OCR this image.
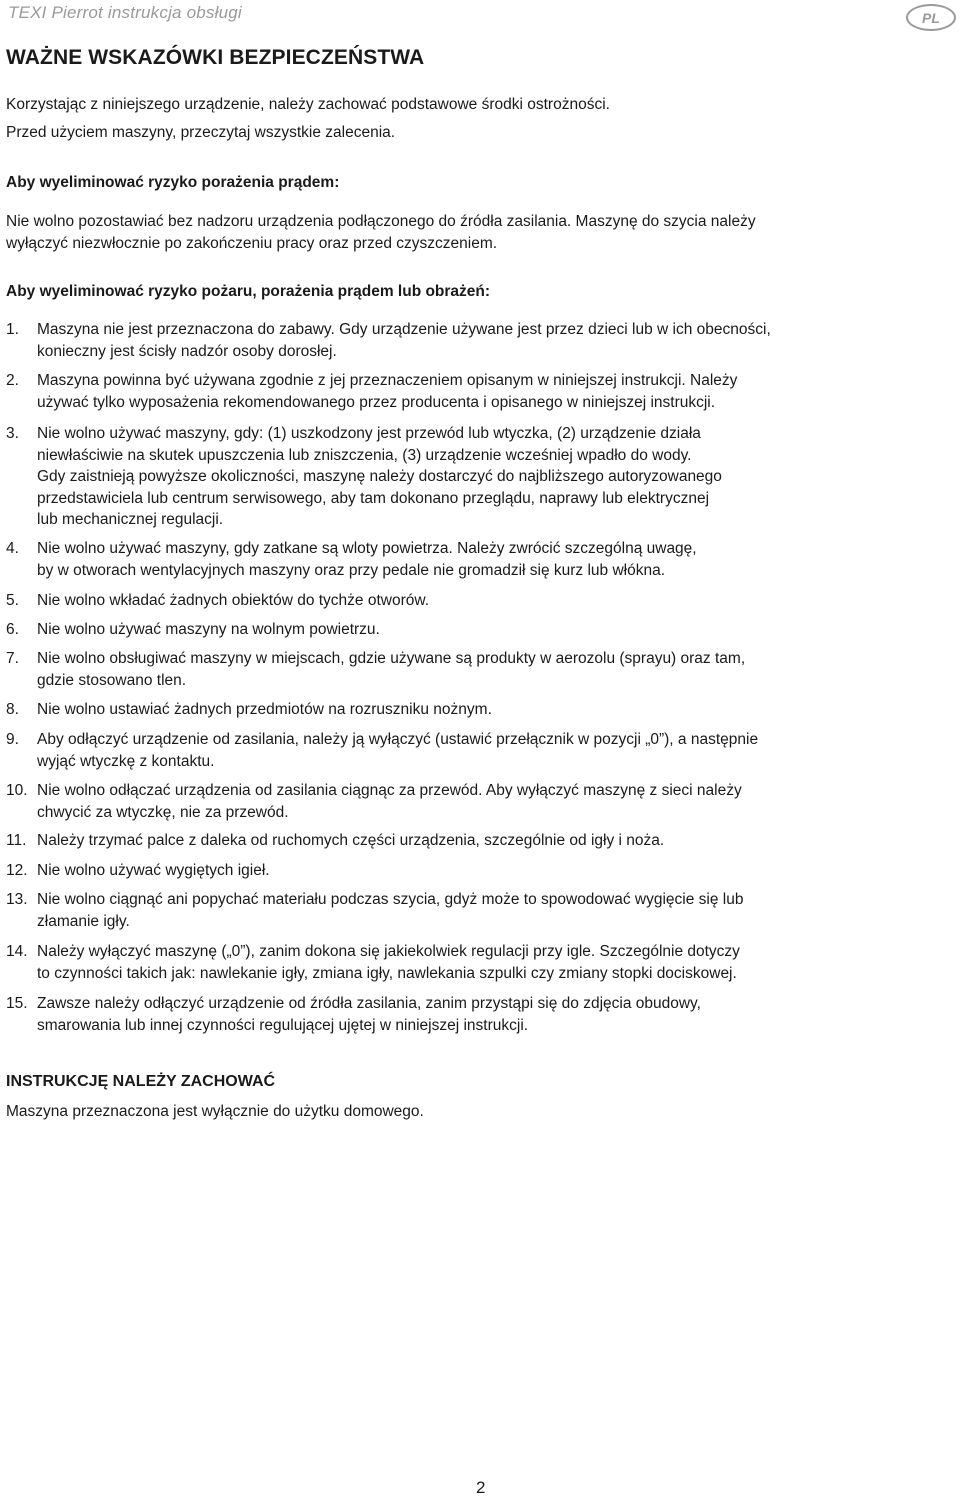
TEXI Pierrot instrukcja obsługi	PL
WAŻNE WSKAZÓWKI BEZPIECZEŃSTWA

Korzystając z niniejszego urządzenie, należy zachować podstawowe środki ostrożności.

Przed użyciem maszyny, przeczytaj wszystkie zalecenia.

Aby wyeliminować ryzyko porażenia prądem:

Nie wolno pozostawiać bez nadzoru urządzenia podłączonego do źródła zasilania. Maszynę do szycia należy

wyłączyć niezwłocznie po zakończeniu pracy oraz przed czyszczeniem.

Aby wyeliminować ryzyko pożaru, porażenia prądem lub obrażeń:

1. Maszyna nie jest przeznaczona do zabawy. Gdy urządzenie używane jest przez dzieci lub w ich obecności,
konieczny jest ścisły nadzór osoby dorosłej.
2. Maszyna powinna być używana zgodnie z jej przeznaczeniem opisanym w niniejszej instrukcji. Należy
używać tylko wyposażenia rekomendowanego przez producenta i opisanego w niniejszej instrukcji.
3. Nie wolno używać maszyny, gdy: (1) uszkodzony jest przewód lub wtyczka, (2) urządzenie działa
niewłaściwie na skutek upuszczenia lub zniszczenia, (3) urządzenie wcześniej wpadło do wody.
Gdy zaistnieją powyższe okoliczności, maszynę należy dostarczyć do najbliższego autoryzowanego
przedstawiciela lub centrum serwisowego, aby tam dokonano przeglądu, naprawy lub elektrycznej
lub mechanicznej regulacji.
4. Nie wolno używać maszyny, gdy zatkane są wloty powietrza. Należy zwrócić szczególną uwagę,
by w otworach wentylacyjnych maszyny oraz przy pedale nie gromadził się kurz lub włókna.
5. Nie wolno wkładać żadnych obiektów do tychże otworów.
6. Nie wolno używać maszyny na wolnym powietrzu.
7. Nie wolno obsługiwać maszyny w miejscach, gdzie używane są produkty w aerozolu (sprayu) oraz tam,
gdzie stosowano tlen.
8. Nie wolno ustawiać żadnych przedmiotów na rozruszniku nożnym.
9. Aby odłączyć urządzenie od zasilania, należy ją wyłączyć (ustawić przełącznik w pozycji „0”), a następnie
wyjąć wtyczkę z kontaktu.
10. Nie wolno odłączać urządzenia od zasilania ciągnąc za przewód. Aby wyłączyć maszynę z sieci należy
chwycić za wtyczkę, nie za przewód.
11. Należy trzymać palce z daleka od ruchomych części urządzenia, szczególnie od igły i noża.
12. Nie wolno używać wygiętych igieł.
13. Nie wolno ciągnąć ani popychać materiału podczas szycia, gdyż może to spowodować wygięcie się lub
złamanie igły.
14. Należy wyłączyć maszynę („0”), zanim dokona się jakiekolwiek regulacji przy igle. Szczególnie dotyczy
to czynności takich jak: nawlekanie igły, zmiana igły, nawlekania szpulki czy zmiany stopki dociskowej.
15. Zawsze należy odłączyć urządzenie od źródła zasilania, zanim przystąpi się do zdjęcia obudowy,
smarowania lub innej czynności regulującej ujętej w niniejszej instrukcji.
INSTRUKCJĘ NALEŻY ZACHOWAĆ

Maszyna przeznaczona jest wyłącznie do użytku domowego.

2
